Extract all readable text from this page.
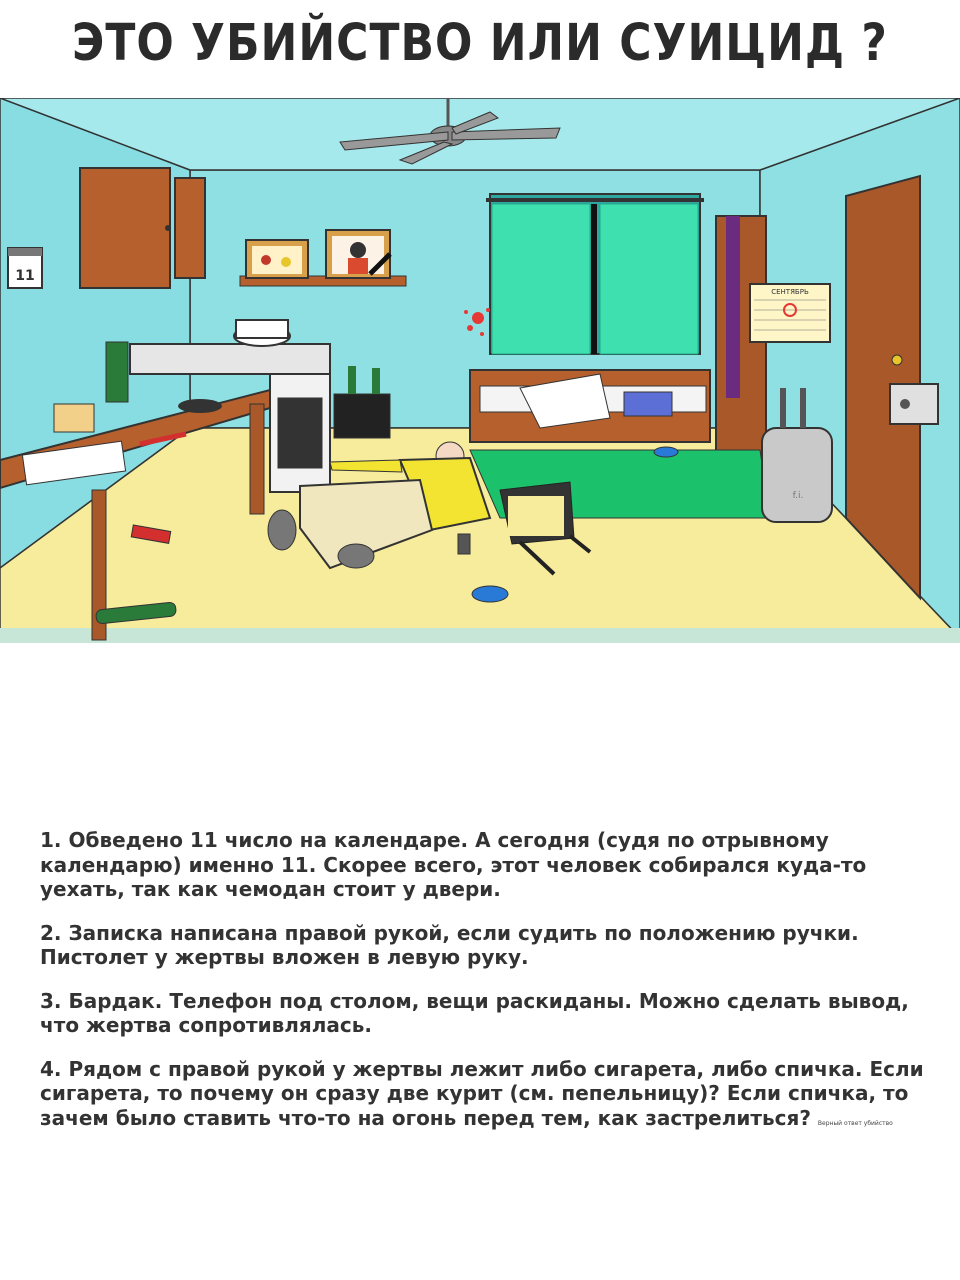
ЭТО УБИЙСТВО ИЛИ СУИЦИД ?
11
СЕНТЯБРЬ
f.i.

1. Обведено 11 число на календаре. А сегодня (судя по отрывному календарю) именно 11. Скорее всего, этот человек собирался куда-то уехать, так как чемодан стоит у двери.

2. Записка написана правой рукой, если судить по положению ручки. Пистолет у жертвы вложен в левую руку.

3. Бардак. Телефон под столом, вещи раскиданы. Можно сделать вывод, что жертва сопротивлялась.

4. Рядом с правой рукой у жертвы лежит либо сигарета, либо спичка. Если сигарета, то почему он сразу две курит (см. пепельницу)? Если спичка, то зачем было ставить что-то на огонь перед тем, как застрелиться? Верный ответ убийство
